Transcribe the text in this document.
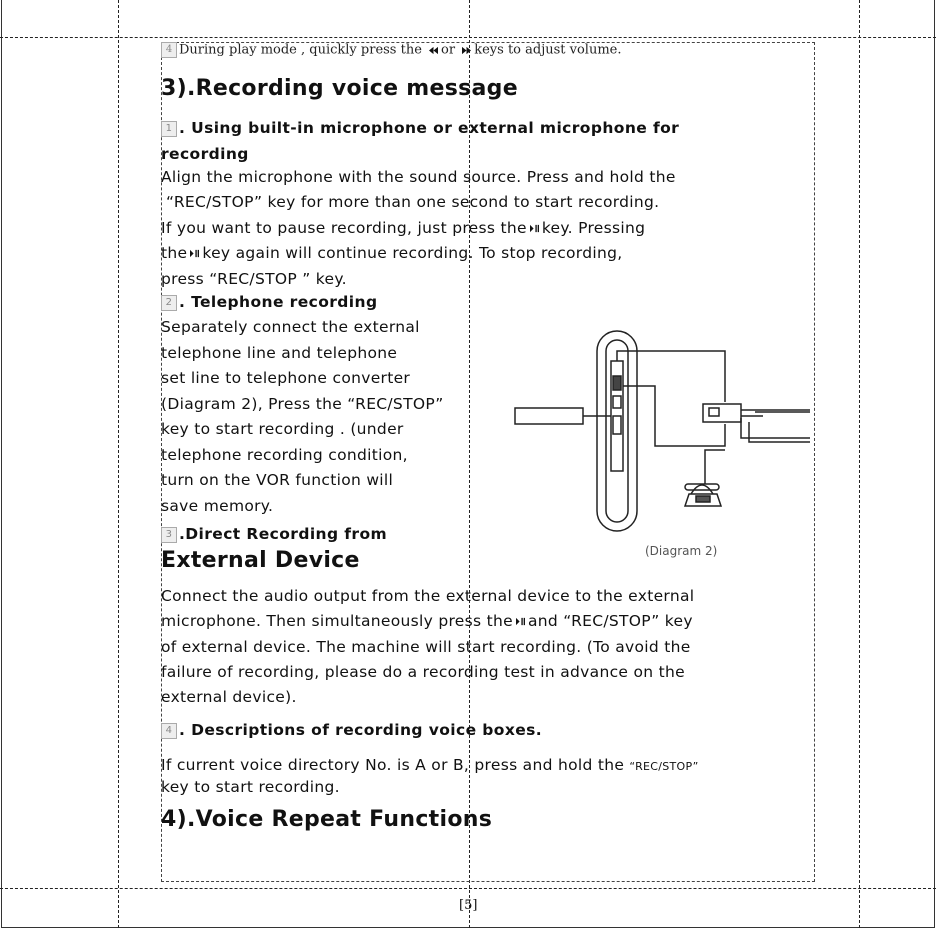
4 During play mode , quickly press the or keys to adjust volume.
3).Recording voice message
1 . Using built-in microphone or external microphone for
recording
Align the microphone with the sound source. Press and hold the
“REC/STOP” key for more than one second to start recording.
If you want to pause recording, just press the key. Pressing
the key again will continue recording. To stop recording,
press “REC/STOP ” key.
2 . Telephone recording
Separately connect the external
telephone line and telephone
set line to telephone converter
(Diagram 2), Press the “REC/STOP”
key to start recording . (under
telephone recording condition,
turn on the VOR function will
save memory.
3 .Direct Recording from
External Device	(Diagram 2)
Connect the audio output from the external device to the external
microphone. Then simultaneously press the and “REC/STOP” key
of external device. The machine will start recording. (To avoid the
failure of recording, please do a recording test in advance on the
external device).
4 . Descriptions of recording voice boxes.
If current voice directory No. is A or B, press and hold the “REC/STOP”
key to start recording.
4).Voice Repeat Functions
[5]
